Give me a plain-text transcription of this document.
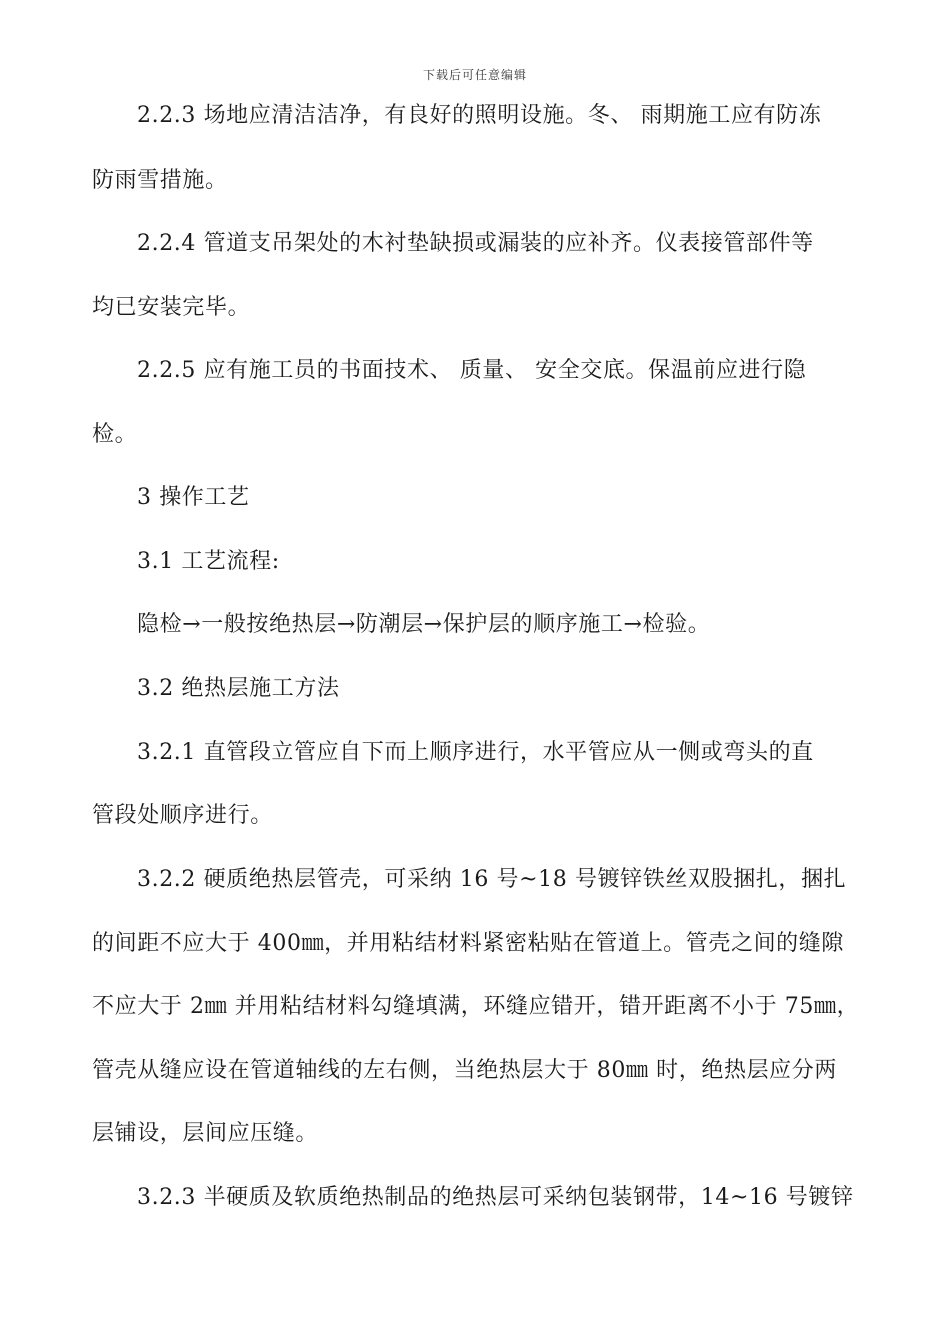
下载后可任意编辑
2.2.3 场地应清洁洁净，有良好的照明设施。冬、 雨期施工应有防冻
防雨雪措施。
2.2.4 管道支吊架处的木衬垫缺损或漏装的应补齐。仪表接管部件等
均已安装完毕。
2.2.5 应有施工员的书面技术、 质量、 安全交底。保温前应进行隐
检。
3 操作工艺
3.1 工艺流程:
隐检→一般按绝热层→防潮层→保护层的顺序施工→检验。
3.2 绝热层施工方法
3.2.1 直管段立管应自下而上顺序进行，水平管应从一侧或弯头的直
管段处顺序进行。
3.2.2 硬质绝热层管壳，可采纳 16 号~18 号镀锌铁丝双股捆扎，捆扎
的间距不应大于 400㎜，并用粘结材料紧密粘贴在管道上。管壳之间的缝隙
不应大于 2㎜ 并用粘结材料勾缝填满，环缝应错开，错开距离不小于 75㎜，
管壳从缝应设在管道轴线的左右侧，当绝热层大于 80㎜ 时，绝热层应分两
层铺设，层间应压缝。
3.2.3 半硬质及软质绝热制品的绝热层可采纳包装钢带，14~16 号镀锌
